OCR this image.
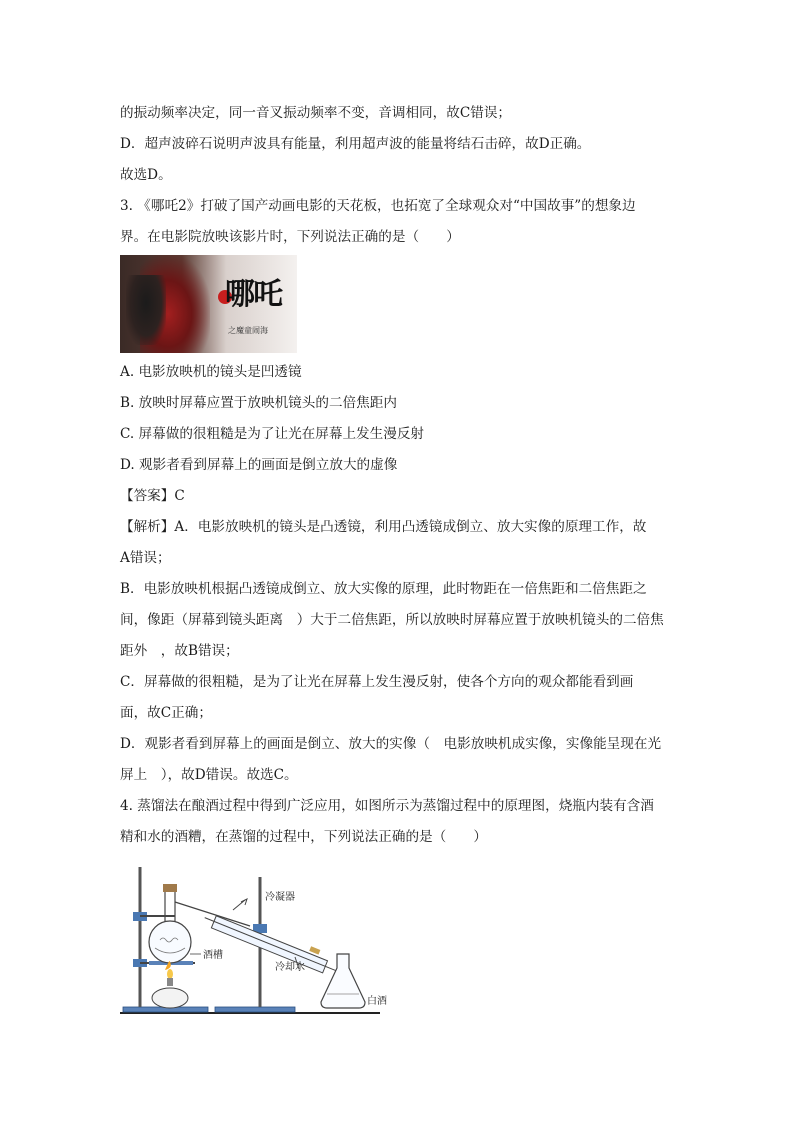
的振动频率决定，同一音叉振动频率不变，音调相同，故C错误；
D．超声波碎石说明声波具有能量，利用超声波的能量将结石击碎，故D正确。
故选D。
3. 《哪吒2》打破了国产动画电影的天花板，也拓宽了全球观众对“中国故事”的想象边
界。在电影院放映该影片时，下列说法正确的是（　　）
哪吒
之魔童闹海
A. 电影放映机的镜头是凹透镜
B. 放映时屏幕应置于放映机镜头的二倍焦距内
C. 屏幕做的很粗糙是为了让光在屏幕上发生漫反射
D. 观影者看到屏幕上的画面是倒立放大的虚像
【答案】C
【解析】A．电影放映机的镜头是凸透镜，利用凸透镜成倒立、放大实像的原理工作，故
A错误；
B．电影放映机根据凸透镜成倒立、放大实像的原理，此时物距在一倍焦距和二倍焦距之
间，像距（屏幕到镜头距离　）大于二倍焦距，所以放映时屏幕应置于放映机镜头的二倍焦
距外　，故B错误；
C．屏幕做的很粗糙，是为了让光在屏幕上发生漫反射，使各个方向的观众都能看到画
面，故C正确；
D．观影者看到屏幕上的画面是倒立、放大的实像（　电影放映机成实像，实像能呈现在光
屏上　），故D错误。故选C。
4. 蒸馏法在酿酒过程中得到广泛应用，如图所示为蒸馏过程中的原理图，烧瓶内装有含酒
精和水的酒糟，在蒸馏的过程中，下列说法正确的是（　　）
冷凝器
酒槽
冷却水
白酒
